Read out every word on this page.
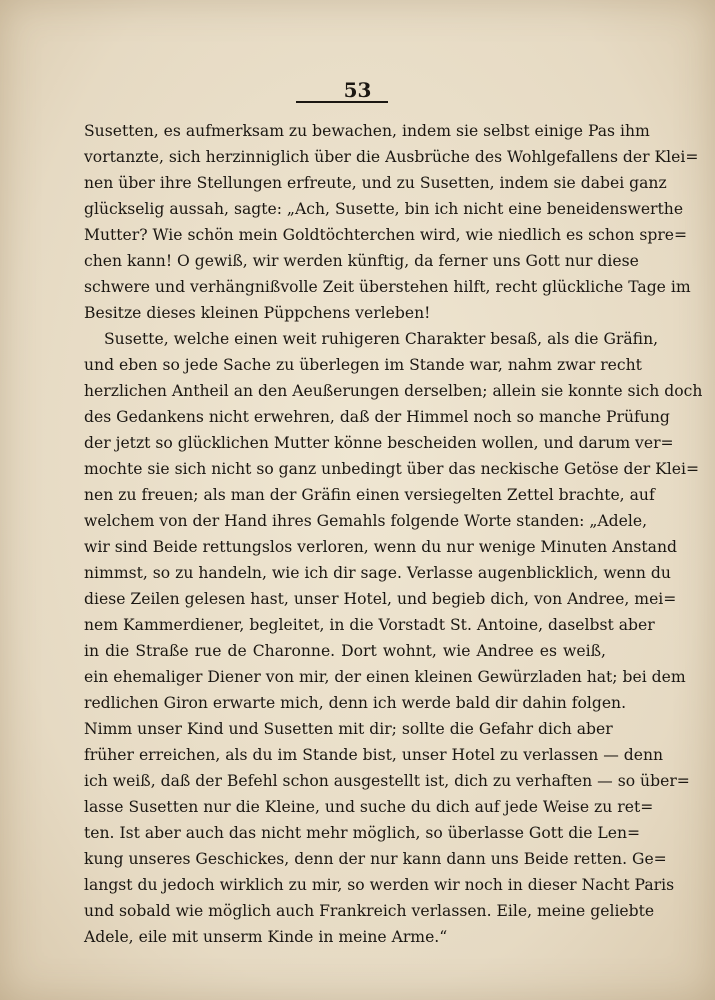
53
Susetten, es aufmerksam zu bewachen, indem sie selbst einige Pas ihm
vortanzte, sich herzinniglich über die Ausbrüche des Wohlgefallens der Klei=
nen über ihre Stellungen erfreute, und zu Susetten, indem sie dabei ganz
glückselig aussah, sagte: „Ach, Susette, bin ich nicht eine beneidenswerthe
Mutter? Wie schön mein Goldtöchterchen wird, wie niedlich es schon spre=
chen kann! O gewiß, wir werden künftig, da ferner uns Gott nur diese
schwere und verhängnißvolle Zeit überstehen hilft, recht glückliche Tage im
Besitze dieses kleinen Püppchens verleben!
Susette, welche einen weit ruhigeren Charakter besaß, als die Gräfin,
und eben so jede Sache zu überlegen im Stande war, nahm zwar recht
herzlichen Antheil an den Aeußerungen derselben; allein sie konnte sich doch
des Gedankens nicht erwehren, daß der Himmel noch so manche Prüfung
der jetzt so glücklichen Mutter könne bescheiden wollen, und darum ver=
mochte sie sich nicht so ganz unbedingt über das neckische Getöse der Klei=
nen zu freuen; als man der Gräfin einen versiegelten Zettel brachte, auf
welchem von der Hand ihres Gemahls folgende Worte standen: „Adele,
wir sind Beide rettungslos verloren, wenn du nur wenige Minuten Anstand
nimmst, so zu handeln, wie ich dir sage. Verlasse augenblicklich, wenn du
diese Zeilen gelesen hast, unser Hotel, und begieb dich, von Andree, mei=
nem Kammerdiener, begleitet, in die Vorstadt St. Antoine, daselbst aber
in die Straße rue de Charonne. Dort wohnt, wie Andree es weiß,
ein ehemaliger Diener von mir, der einen kleinen Gewürzladen hat; bei dem
redlichen Giron erwarte mich, denn ich werde bald dir dahin folgen.
Nimm unser Kind und Susetten mit dir; sollte die Gefahr dich aber
früher erreichen, als du im Stande bist, unser Hotel zu verlassen — denn
ich weiß, daß der Befehl schon ausgestellt ist, dich zu verhaften — so über=
lasse Susetten nur die Kleine, und suche du dich auf jede Weise zu ret=
ten. Ist aber auch das nicht mehr möglich, so überlasse Gott die Len=
kung unseres Geschickes, denn der nur kann dann uns Beide retten. Ge=
langst du jedoch wirklich zu mir, so werden wir noch in dieser Nacht Paris
und sobald wie möglich auch Frankreich verlassen. Eile, meine geliebte
Adele, eile mit unserm Kinde in meine Arme.“
